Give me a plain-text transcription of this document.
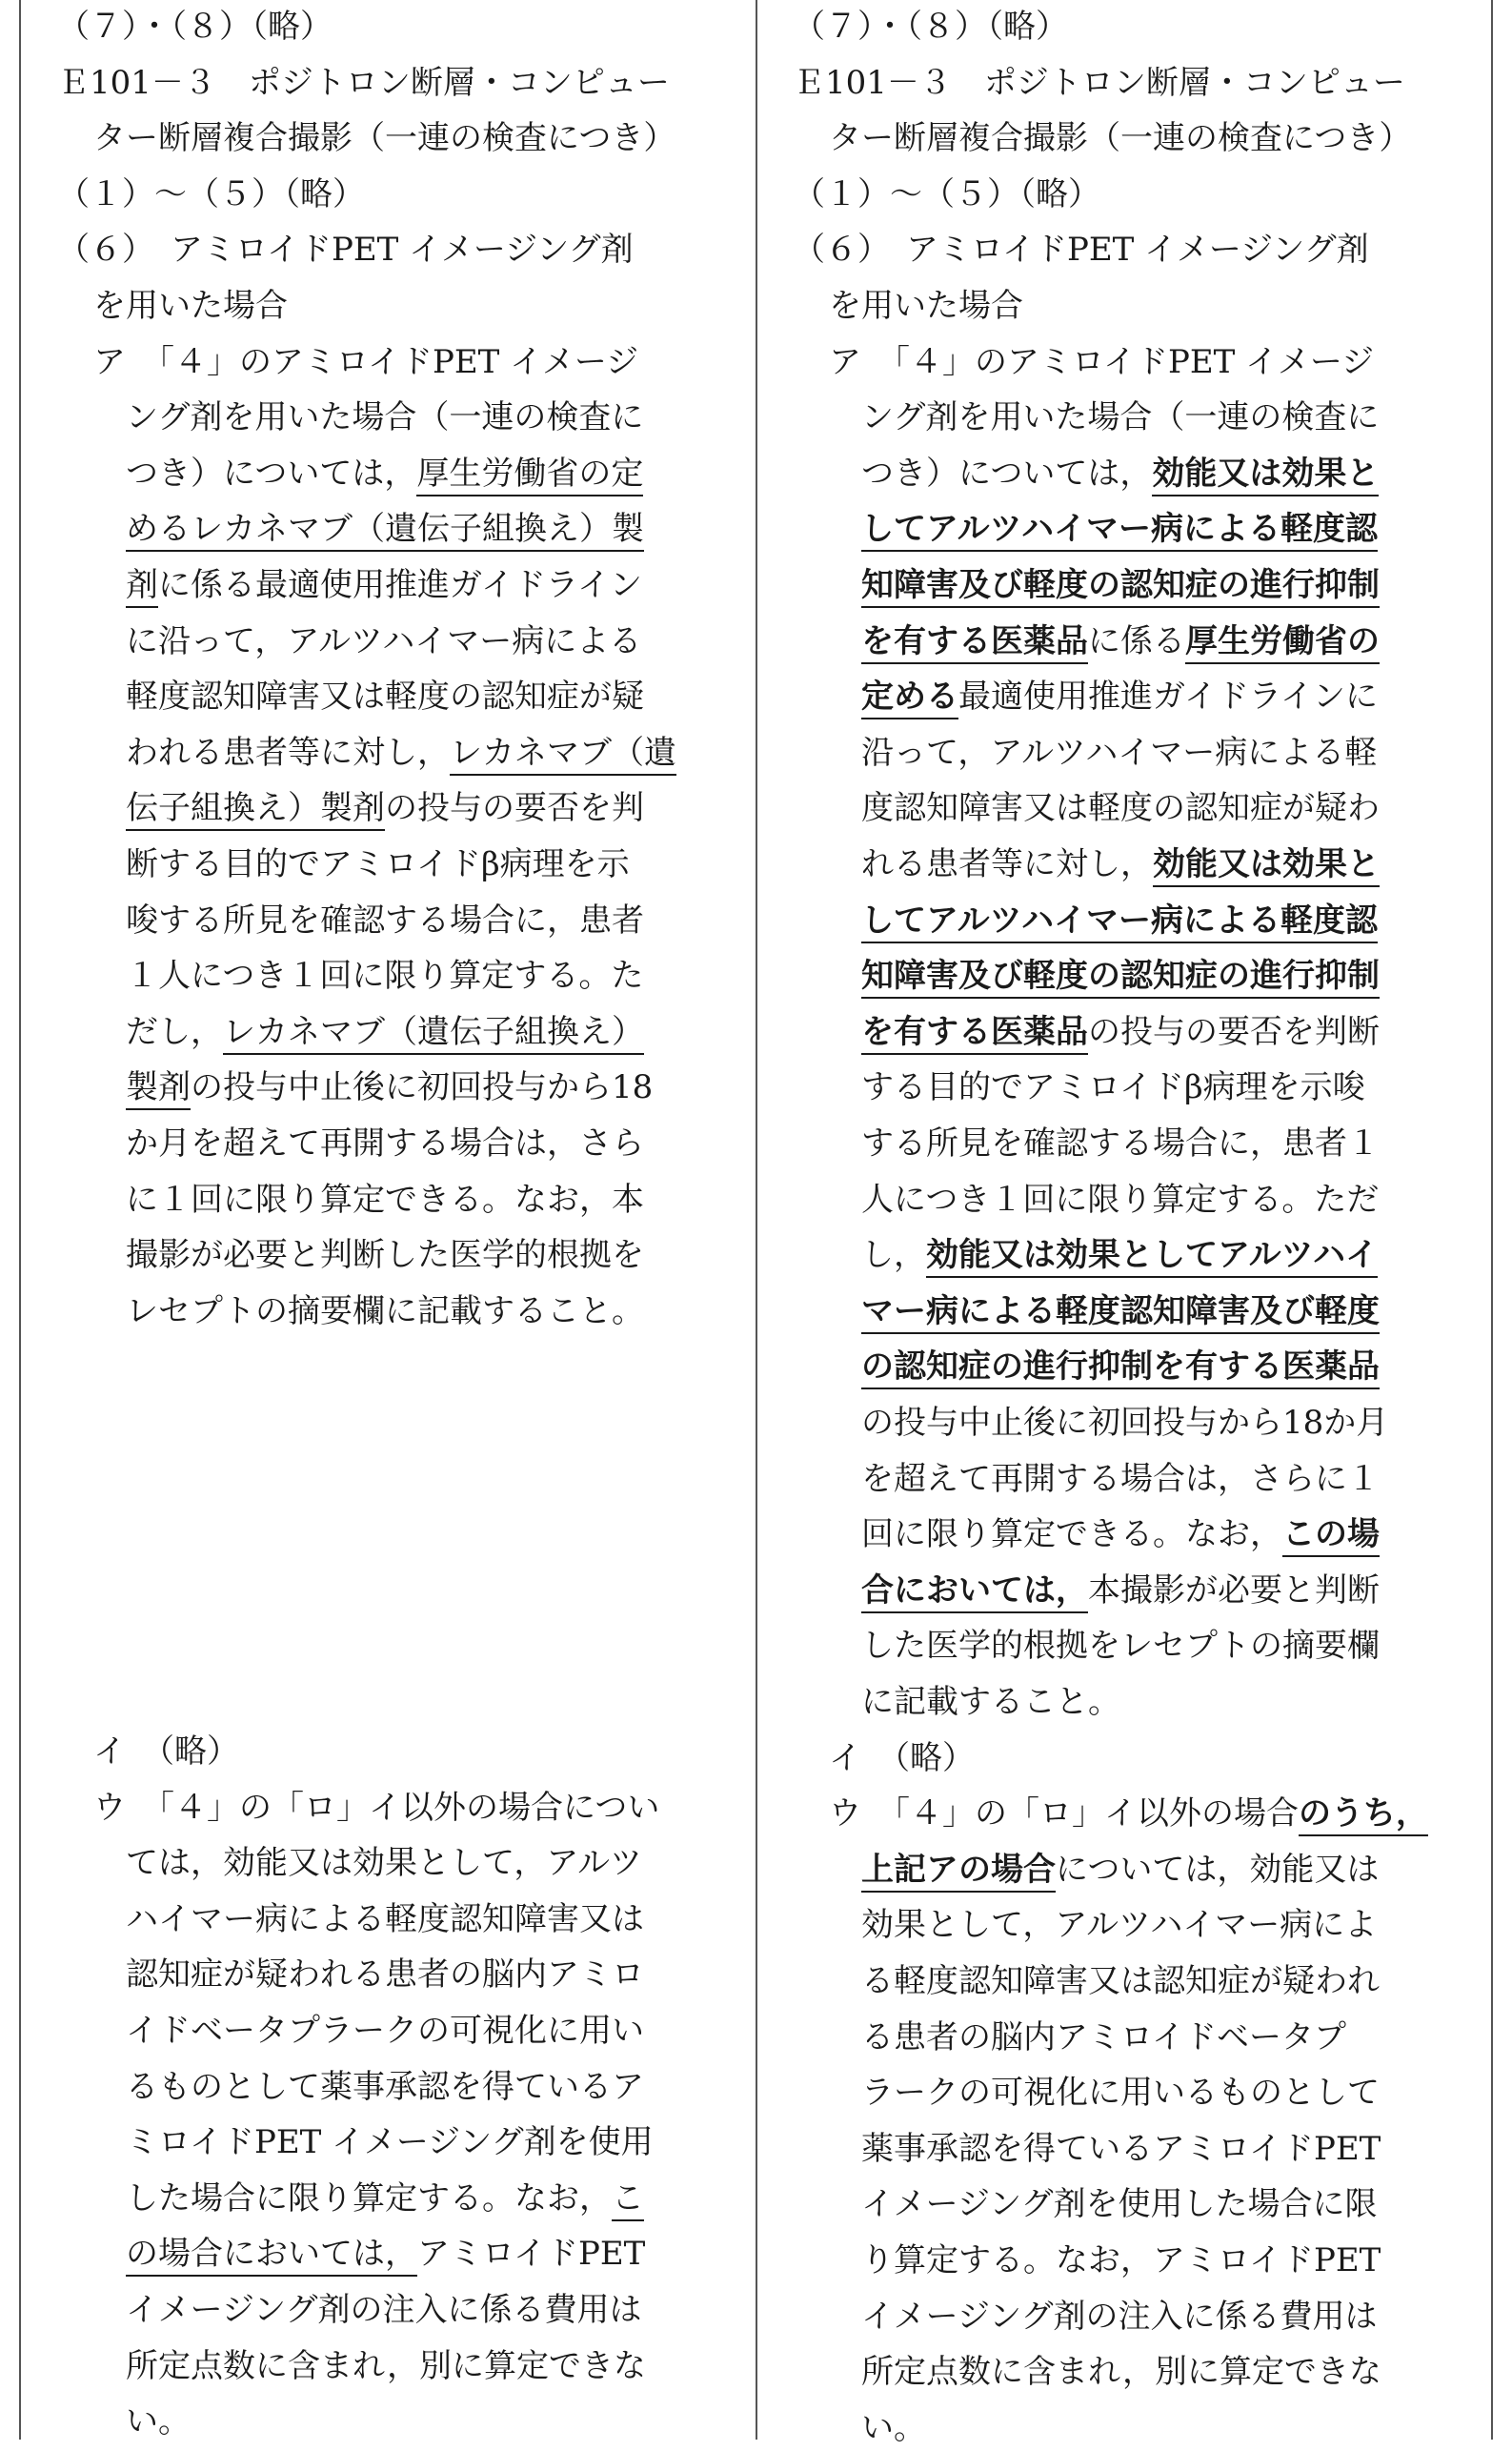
（７）・（８）（略）
Ｅ101－３　ポジトロン断層・コンピュー
ター断層複合撮影（一連の検査につき）
（１）～（５）（略）
（６）　アミロイドPET イメージング剤
を用いた場合
ア　「４」のアミロイドPET イメージ
ング剤を用いた場合（一連の検査に
つき）については，厚生労働省の定
めるレカネマブ（遺伝子組換え）製
剤に係る最適使用推進ガイドライン
に沿って，アルツハイマー病による
軽度認知障害又は軽度の認知症が疑
われる患者等に対し，レカネマブ（遺
伝子組換え）製剤の投与の要否を判
断する目的でアミロイドβ病理を示
唆する所見を確認する場合に，患者
１人につき１回に限り算定する。た
だし，レカネマブ（遺伝子組換え）
製剤の投与中止後に初回投与から18
か月を超えて再開する場合は，さら
に１回に限り算定できる。なお，本
撮影が必要と判断した医学的根拠を
レセプトの摘要欄に記載すること。
イ　（略）
ウ　「４」の「ロ」イ以外の場合につい
ては，効能又は効果として，アルツ
ハイマー病による軽度認知障害又は
認知症が疑われる患者の脳内アミロ
イドベータプラークの可視化に用い
るものとして薬事承認を得ているア
ミロイドPET イメージング剤を使用
した場合に限り算定する。なお，こ
の場合においては，アミロイドPET
イメージング剤の注入に係る費用は
所定点数に含まれ，別に算定できな
い。
（７）・（８）（略）
Ｅ101－３　ポジトロン断層・コンピュー
ター断層複合撮影（一連の検査につき）
（１）～（５）（略）
（６）　アミロイドPET イメージング剤
を用いた場合
ア　「４」のアミロイドPET イメージ
ング剤を用いた場合（一連の検査に
つき）については，効能又は効果と
してアルツハイマー病による軽度認
知障害及び軽度の認知症の進行抑制
を有する医薬品に係る厚生労働省の
定める最適使用推進ガイドラインに
沿って，アルツハイマー病による軽
度認知障害又は軽度の認知症が疑わ
れる患者等に対し，効能又は効果と
してアルツハイマー病による軽度認
知障害及び軽度の認知症の進行抑制
を有する医薬品の投与の要否を判断
する目的でアミロイドβ病理を示唆
する所見を確認する場合に，患者１
人につき１回に限り算定する。ただ
し，効能又は効果としてアルツハイ
マー病による軽度認知障害及び軽度
の認知症の進行抑制を有する医薬品
の投与中止後に初回投与から18か月
を超えて再開する場合は，さらに１
回に限り算定できる。なお，この場
合においては，本撮影が必要と判断
した医学的根拠をレセプトの摘要欄
に記載すること。
イ　（略）
ウ　「４」の「ロ」イ以外の場合のうち，
上記アの場合については，効能又は
効果として，アルツハイマー病によ
る軽度認知障害又は認知症が疑われ
る患者の脳内アミロイドベータプ
ラークの可視化に用いるものとして
薬事承認を得ているアミロイドPET
イメージング剤を使用した場合に限
り算定する。なお，アミロイドPET
イメージング剤の注入に係る費用は
所定点数に含まれ，別に算定できな
い。
